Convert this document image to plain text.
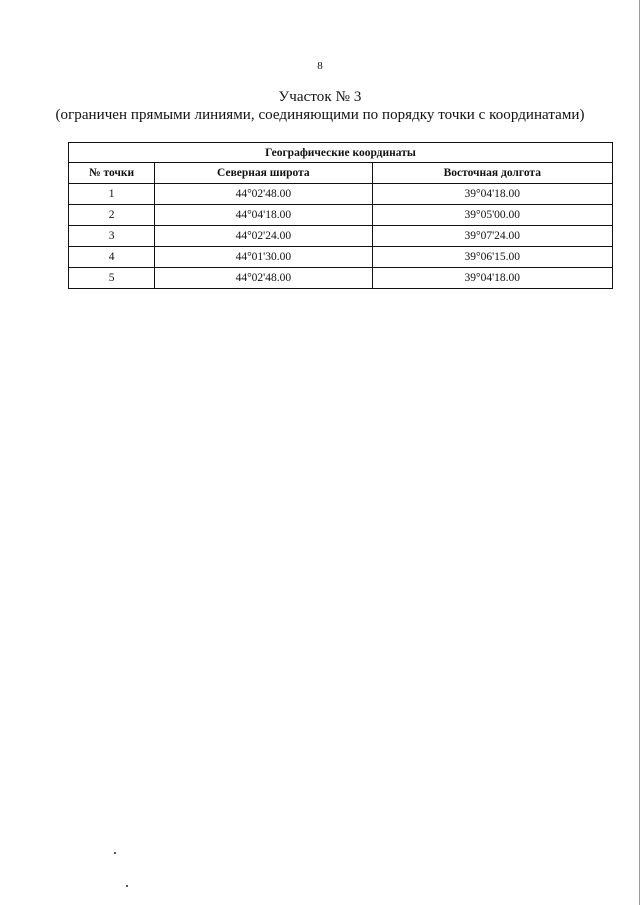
8
Участок № 3
(ограничен прямыми линиями, соединяющими по порядку точки с координатами)
Географические координаты		
№ точки	Северная широта	Восточная долгота
1	44°02'48.00	39°04'18.00
2	44°04'18.00	39°05'00.00
3	44°02'24.00	39°07'24.00
4	44°01'30.00	39°06'15.00
5	44°02'48.00	39°04'18.00
